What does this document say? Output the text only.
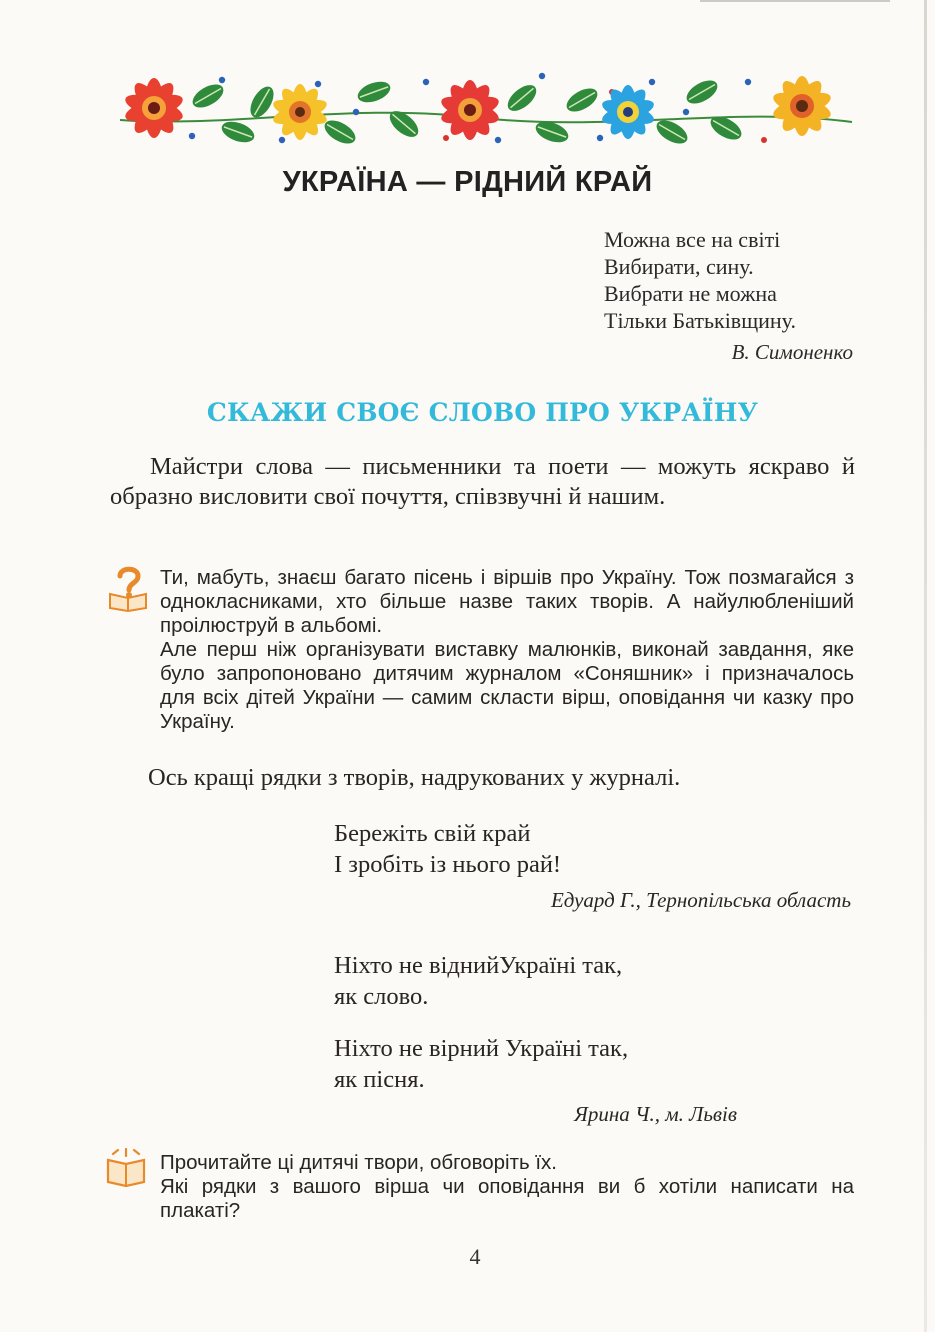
УКРАЇНА — РІДНИЙ КРАЙ
Можна все на світі
Вибирати, сину.
Вибрати не можна
Тільки Батьківщину.
В. Симоненко
СКАЖИ СВОЄ СЛОВО ПРО УКРАЇНУ
Майстри слова — письменники та поети — можуть яскраво й образно висловити свої почуття, співзвучні й нашим.

Ти, мабуть, знаєш багато пісень і віршів про Україну. Тож позмагайся з однокласниками, хто більше назве таких творів. А найулюбленіший проілюструй в альбомі.

Але перш ніж організувати виставку малюнків, виконай завдання, яке було запропоновано дитячим журналом «Соняшник» і призначалось для всіх дітей України — самим скласти вірш, оповідання чи казку про Україну.

Ось кращі рядки з творів, надрукованих у журналі.
Бережіть свій край
І зробіть із нього рай!
Едуард Г., Тернопільська область
Ніхто не віднийУкраїні так,
як слово.
Ніхто не вірний Україні так,
як пісня.
Ярина Ч., м. Львів

Прочитайте ці дитячі твори, обговоріть їх.

Які рядки з вашого вірша чи оповідання ви б хотіли написати на плакаті?

4
